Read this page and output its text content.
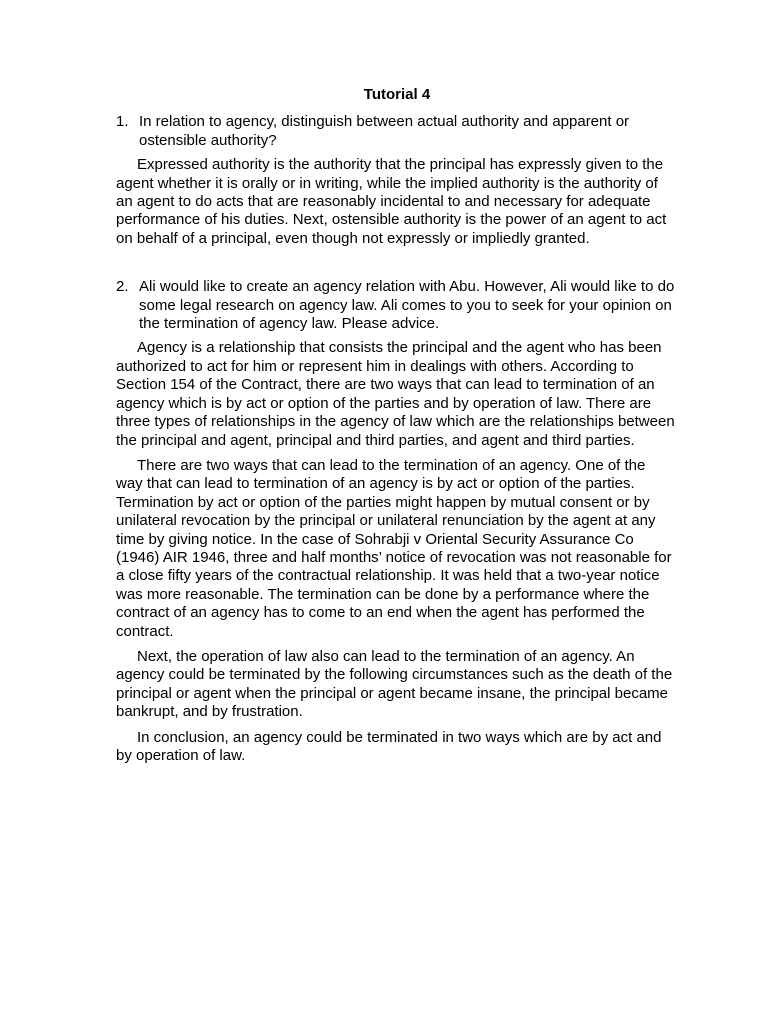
Tutorial 4
1. In relation to agency, distinguish between actual authority and apparent or ostensible authority?

Expressed authority is the authority that the principal has expressly given to the agent whether it is orally or in writing, while the implied authority is the authority of an agent to do acts that are reasonably incidental to and necessary for adequate performance of his duties. Next, ostensible authority is the power of an agent to act on behalf of a principal, even though not expressly or impliedly granted.

2. Ali would like to create an agency relation with Abu. However, Ali would like to do some legal research on agency law. Ali comes to you to seek for your opinion on the termination of agency law. Please advice.

Agency is a relationship that consists the principal and the agent who has been authorized to act for him or represent him in dealings with others. According to Section 154 of the Contract, there are two ways that can lead to termination of an agency which is by act or option of the parties and by operation of law. There are three types of relationships in the agency of law which are the relationships between the principal and agent, principal and third parties, and agent and third parties.

There are two ways that can lead to the termination of an agency. One of the way that can lead to termination of an agency is by act or option of the parties. Termination by act or option of the parties might happen by mutual consent or by unilateral revocation by the principal or unilateral renunciation by the agent at any time by giving notice. In the case of Sohrabji v Oriental Security Assurance Co (1946) AIR 1946, three and half months’ notice of revocation was not reasonable for a close fifty years of the contractual relationship. It was held that a two-year notice was more reasonable. The termination can be done by a performance where the contract of an agency has to come to an end when the agent has performed the contract.

Next, the operation of law also can lead to the termination of an agency. An agency could be terminated by the following circumstances such as the death of the principal or agent when the principal or agent became insane, the principal became bankrupt, and by frustration.

In conclusion, an agency could be terminated in two ways which are by act and by operation of law.
